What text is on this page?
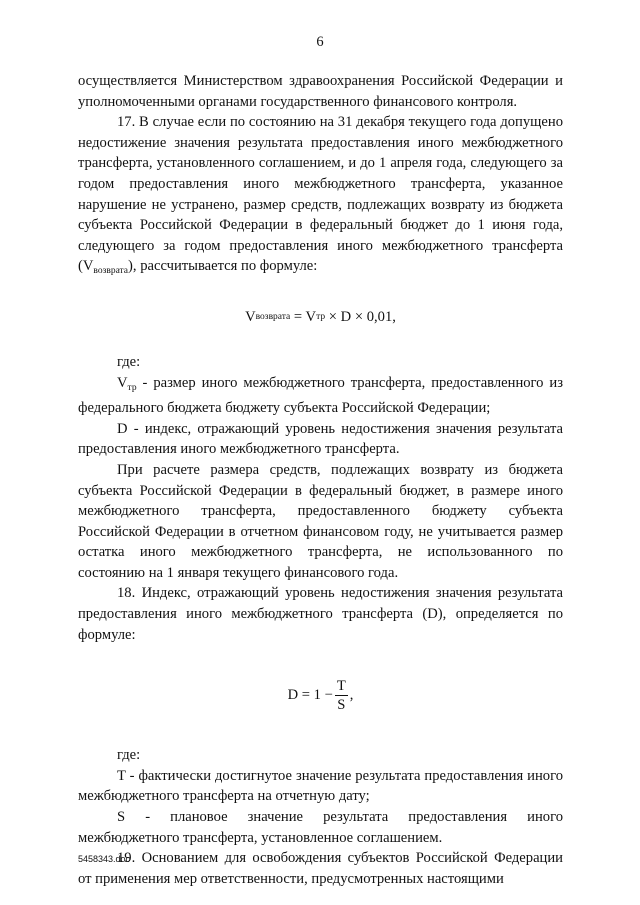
6

осуществляется Министерством здравоохранения Российской Федерации и уполномоченными органами государственного финансового контроля.

17. В случае если по состоянию на 31 декабря текущего года допущено недостижение значения результата предоставления иного межбюджетного трансферта, установленного соглашением, и до 1 апреля года, следующего за годом предоставления иного межбюджетного трансферта, указанное нарушение не устранено, размер средств, подлежащих возврату из бюджета субъекта Российской Федерации в федеральный бюджет до 1 июня года, следующего за годом предоставления иного межбюджетного трансферта $(V_{возврата})$, рассчитывается по формуле:

V возврата = V тр × D × 0,01,

где:

$V_{тр}$ - размер иного межбюджетного трансферта, предоставленного из федерального бюджета бюджету субъекта Российской Федерации;

D - индекс, отражающий уровень недостижения значения результата предоставления иного межбюджетного трансферта.

При расчете размера средств, подлежащих возврату из бюджета субъекта Российской Федерации в федеральный бюджет, в размере иного межбюджетного трансферта, предоставленного бюджету субъекта Российской Федерации в отчетном финансовом году, не учитывается размер остатка иного межбюджетного трансферта, не использованного по состоянию на 1 января текущего финансового года.

18. Индекс, отражающий уровень недостижения значения результата предоставления иного межбюджетного трансферта (D), определяется по формуле:

$D = 1 - \frac{T}{S}$ ,

где:

T - фактически достигнутое значение результата предоставления иного межбюджетного трансферта на отчетную дату;

S - плановое значение результата предоставления иного межбюджетного трансферта, установленное соглашением.

19. Основанием для освобождения субъектов Российской Федерации от применения мер ответственности, предусмотренных настоящими

5458343.doc
